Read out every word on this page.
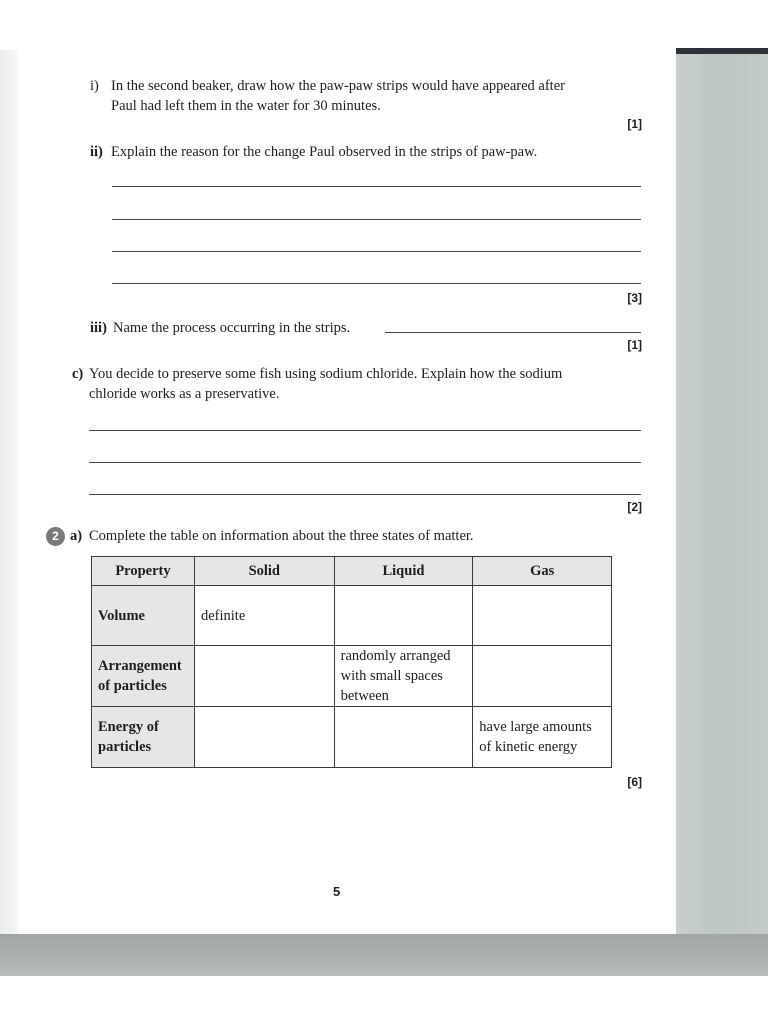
i) In the second beaker, draw how the paw-paw strips would have appeared after
Paul had left them in the water for 30 minutes.
[1]
ii) Explain the reason for the change Paul observed in the strips of paw-paw.
[3]
iii) Name the process occurring in the strips.
[1]
c) You decide to preserve some fish using sodium chloride. Explain how the sodium
chloride works as a preservative.
[2]
2 a) Complete the table on information about the three states of matter.
Property	Solid	Liquid	Gas
Volume	definite		
Arrangement of particles		randomly arranged with small spaces between	
Energy of particles			have large amounts of kinetic energy
[6]
5
